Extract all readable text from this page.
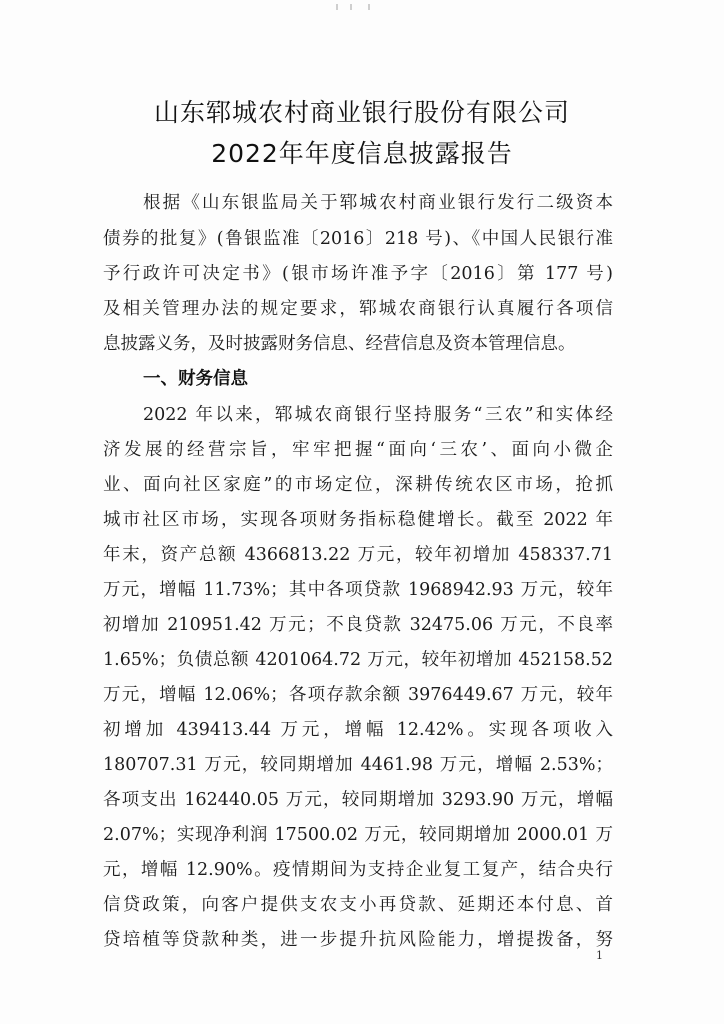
山东郓城农村商业银行股份有限公司
2022年年度信息披露报告
根据《山东银监局关于郓城农村商业银行发行二级资本
债券的批复》(鲁银监准〔2016〕218 号)、《中国人民银行准
予行政许可决定书》(银市场许准予字〔2016〕第 177 号)
及相关管理办法的规定要求，郓城农商银行认真履行各项信
息披露义务，及时披露财务信息、经营信息及资本管理信息。
一、财务信息
2022 年以来，郓城农商银行坚持服务“三农”和实体经
济发展的经营宗旨，牢牢把握“面向‘三农’、面向小微企
业、面向社区家庭”的市场定位，深耕传统农区市场，抢抓
城市社区市场，实现各项财务指标稳健增长。截至 2022 年
年末，资产总额 4366813.22 万元，较年初增加 458337.71
万元，增幅 11.73%；其中各项贷款 1968942.93 万元，较年
初增加 210951.42 万元；不良贷款 32475.06 万元，不良率
1.65%；负债总额 4201064.72 万元，较年初增加 452158.52
万元，增幅 12.06%；各项存款余额 3976449.67 万元，较年
初增加 439413.44 万元，增幅 12.42%。实现各项收入
180707.31 万元，较同期增加 4461.98 万元，增幅 2.53%；
各项支出 162440.05 万元，较同期增加 3293.90 万元，增幅
2.07%；实现净利润 17500.02 万元，较同期增加 2000.01 万
元，增幅 12.90%。疫情期间为支持企业复工复产，结合央行
信贷政策，向客户提供支农支小再贷款、延期还本付息、首
贷培植等贷款种类，进一步提升抗风险能力，增提拨备，努
1
